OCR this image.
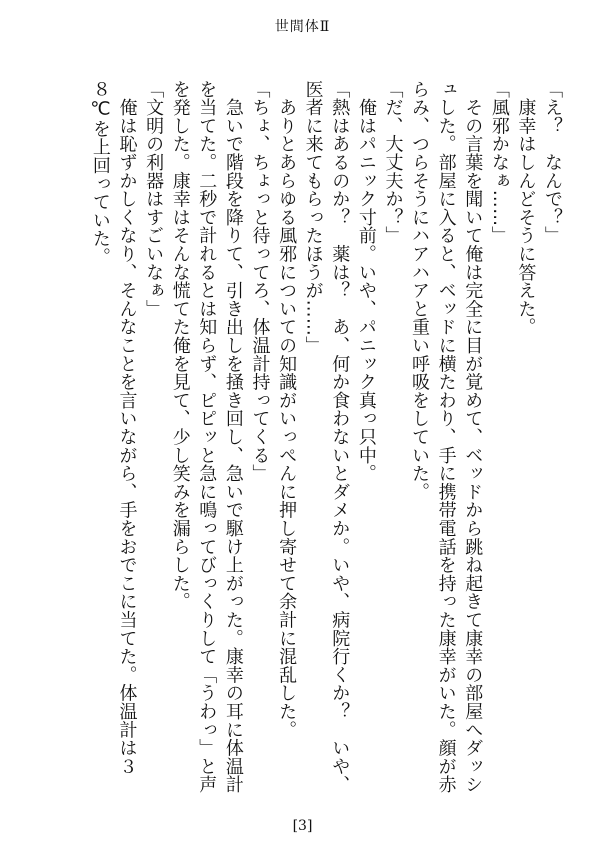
世間体Ⅱ

「え？　なんで？」

　康幸はしんどそうに答えた。

「風邪かなぁ……」

　その言葉を聞いて俺は完全に目が覚めて、ベッドから跳ね起きて康幸の部屋へダッシュした。部屋に入ると、ベッドに横たわり、手に携帯電話を持った康幸がいた。顔が赤らみ、つらそうにハアハアと重い呼吸をしていた。

「だ、大丈夫か？」

　俺はパニック寸前。いや、パニック真っ只中。

「熱はあるのか？　薬は？　あ、何か食わないとダメか。いや、病院行くか？　いや、医者に来てもらったほうが……」

　ありとあらゆる風邪についての知識がいっぺんに押し寄せて余計に混乱した。

「ちょ、ちょっと待ってろ、体温計持ってくる」

　急いで階段を降りて、引き出しを掻き回し、急いで駆け上がった。康幸の耳に体温計を当てた。二秒で計れるとは知らず、ピピッと急に鳴ってびっくりして「うわっ」と声を発した。康幸はそんな慌てた俺を見て、少し笑みを漏らした。

「文明の利器はすごいなぁ」

　俺は恥ずかしくなり、そんなことを言いながら、手をおでこに当てた。体温計は３８℃を上回っていた。

[3]
